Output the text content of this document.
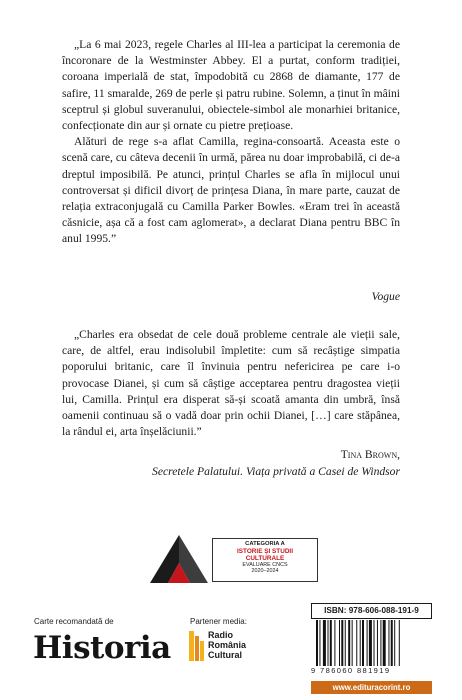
„La 6 mai 2023, regele Charles al III-lea a participat la ceremonia de încoronare de la Westminster Abbey. El a purtat, conform tradiției, coroana imperială de stat, împodobită cu 2868 de diamante, 177 de safire, 11 smaralde, 269 de perle și patru rubine. Solemn, a ținut în mâini sceptrul și globul suveranului, obiectele-simbol ale monarhiei britanice, confecționate din aur și ornate cu pietre prețioase.

Alături de rege s-a aflat Camilla, regina-consoartă. Aceasta este o scenă care, cu câteva decenii în urmă, părea nu doar improbabilă, ci de-a dreptul imposibilă. Pe atunci, prințul Charles se afla în mijlocul unui controversat și dificil divorț de prințesa Diana, în mare parte, cauzat de relația extraconjugală cu Camilla Parker Bowles. «Eram trei în această căsnicie, așa că a fost cam aglomerat», a declarat Diana pentru BBC în anul 1995.”

Vogue

„Charles era obsedat de cele două probleme centrale ale vieții sale, care, de altfel, erau indisolubil împletite: cum să recâștige simpatia poporului britanic, care îl învinuia pentru nefericirea pe care i-o provocase Dianei, și cum să câștige acceptarea pentru dragostea vieții lui, Camilla. Prințul era disperat să-și scoată amanta din umbră, însă oamenii continuau să o vadă doar prin ochii Dianei, […] care stăpânea, la rândul ei, arta înșelăciunii.”

Tina Brown,
Secretele Palatului. Viața privată a Casei de Windsor
CATEGORIA A
ISTORIE ȘI STUDII
CULTURALE
EVALUARE CNCS
2020–2024
Carte recomandată de
Historia
Partener media:
Radio
România
Cultural
ISBN: 978-606-088-191-9
9 786060 881919
www.edituracorint.ro
